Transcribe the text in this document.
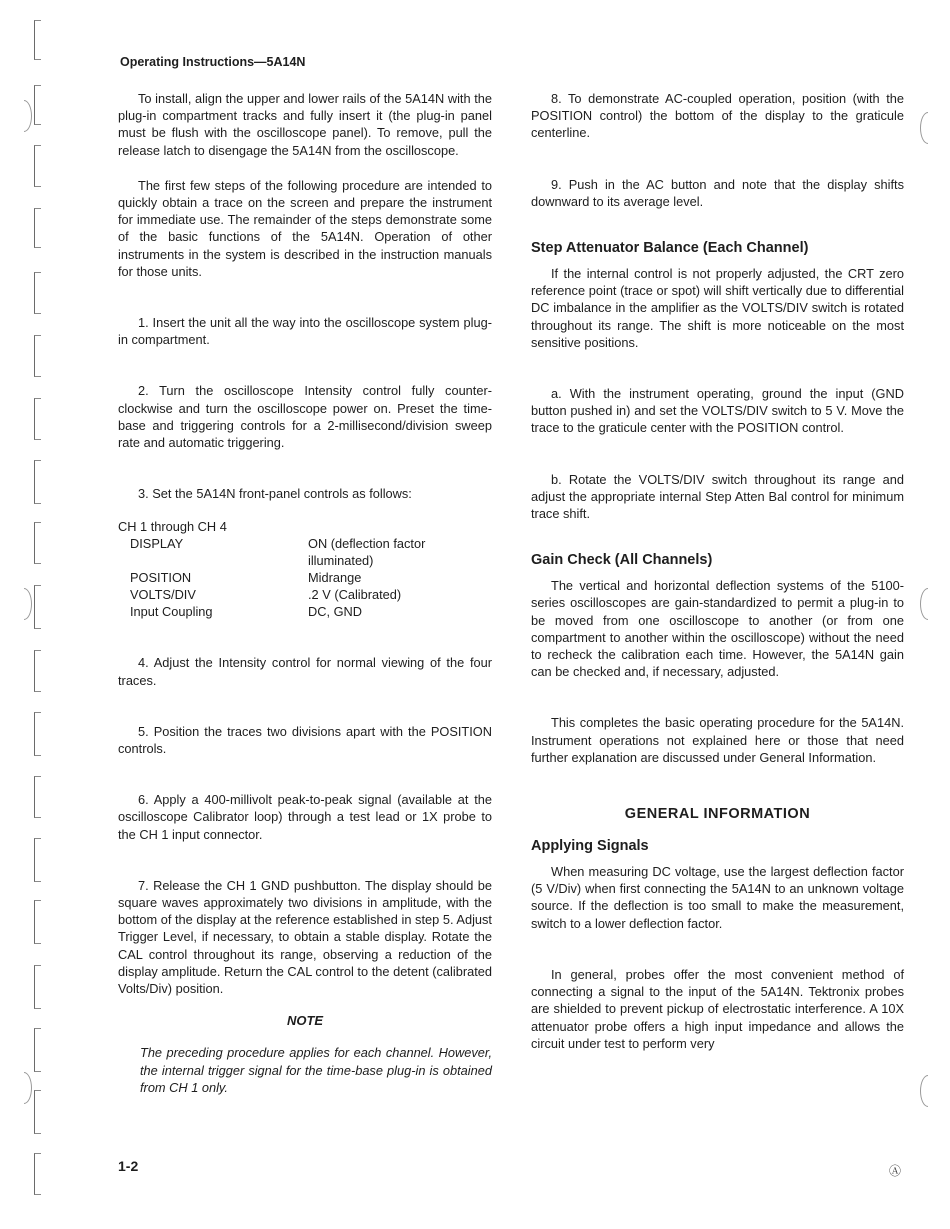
Operating Instructions—5A14N

To install, align the upper and lower rails of the 5A14N with the plug-in compartment tracks and fully insert it (the plug-in panel must be flush with the oscilloscope panel). To remove, pull the release latch to disengage the 5A14N from the oscilloscope.

The first few steps of the following procedure are intended to quickly obtain a trace on the screen and prepare the instrument for immediate use. The remainder of the steps demonstrate some of the basic functions of the 5A14N. Operation of other instruments in the system is described in the instruction manuals for those units.

1. Insert the unit all the way into the oscilloscope system plug-in compartment.

2. Turn the oscilloscope Intensity control fully counter-clockwise and turn the oscilloscope power on. Preset the time-base and triggering controls for a 2-millisecond/division sweep rate and automatic triggering.

3. Set the 5A14N front-panel controls as follows:

CH 1 through CH 4	
DISPLAY	ON (deflection factor illuminated)
POSITION	Midrange
VOLTS/DIV	.2 V (Calibrated)
Input Coupling	DC, GND

4. Adjust the Intensity control for normal viewing of the four traces.

5. Position the traces two divisions apart with the POSITION controls.

6. Apply a 400-millivolt peak-to-peak signal (available at the oscilloscope Calibrator loop) through a test lead or 1X probe to the CH 1 input connector.

7. Release the CH 1 GND pushbutton. The display should be square waves approximately two divisions in amplitude, with the bottom of the display at the reference established in step 5. Adjust Trigger Level, if necessary, to obtain a stable display. Rotate the CAL control throughout its range, observing a reduction of the display amplitude. Return the CAL control to the detent (calibrated Volts/Div) position.

NOTE

The preceding procedure applies for each channel. However, the internal trigger signal for the time-base plug-in is obtained from CH 1 only.

8. To demonstrate AC-coupled operation, position (with the POSITION control) the bottom of the display to the graticule centerline.

9. Push in the AC button and note that the display shifts downward to its average level.

Step Attenuator Balance (Each Channel)

If the internal control is not properly adjusted, the CRT zero reference point (trace or spot) will shift vertically due to differential DC imbalance in the amplifier as the VOLTS/DIV switch is rotated throughout its range. The shift is more noticeable on the most sensitive positions.

a. With the instrument operating, ground the input (GND button pushed in) and set the VOLTS/DIV switch to 5 V. Move the trace to the graticule center with the POSITION control.

b. Rotate the VOLTS/DIV switch throughout its range and adjust the appropriate internal Step Atten Bal control for minimum trace shift.

Gain Check (All Channels)

The vertical and horizontal deflection systems of the 5100-series oscilloscopes are gain-standardized to permit a plug-in to be moved from one oscilloscope to another (or from one compartment to another within the oscilloscope) without the need to recheck the calibration each time. However, the 5A14N gain can be checked and, if necessary, adjusted.

This completes the basic operating procedure for the 5A14N. Instrument operations not explained here or those that need further explanation are discussed under General Information.

GENERAL INFORMATION
Applying Signals

When measuring DC voltage, use the largest deflection factor (5 V/Div) when first connecting the 5A14N to an unknown voltage source. If the deflection is too small to make the measurement, switch to a lower deflection factor.

In general, probes offer the most convenient method of connecting a signal to the input of the 5A14N. Tektronix probes are shielded to prevent pickup of electrostatic interference. A 10X attenuator probe offers a high input impedance and allows the circuit under test to perform very

1-2	Ⓐ
